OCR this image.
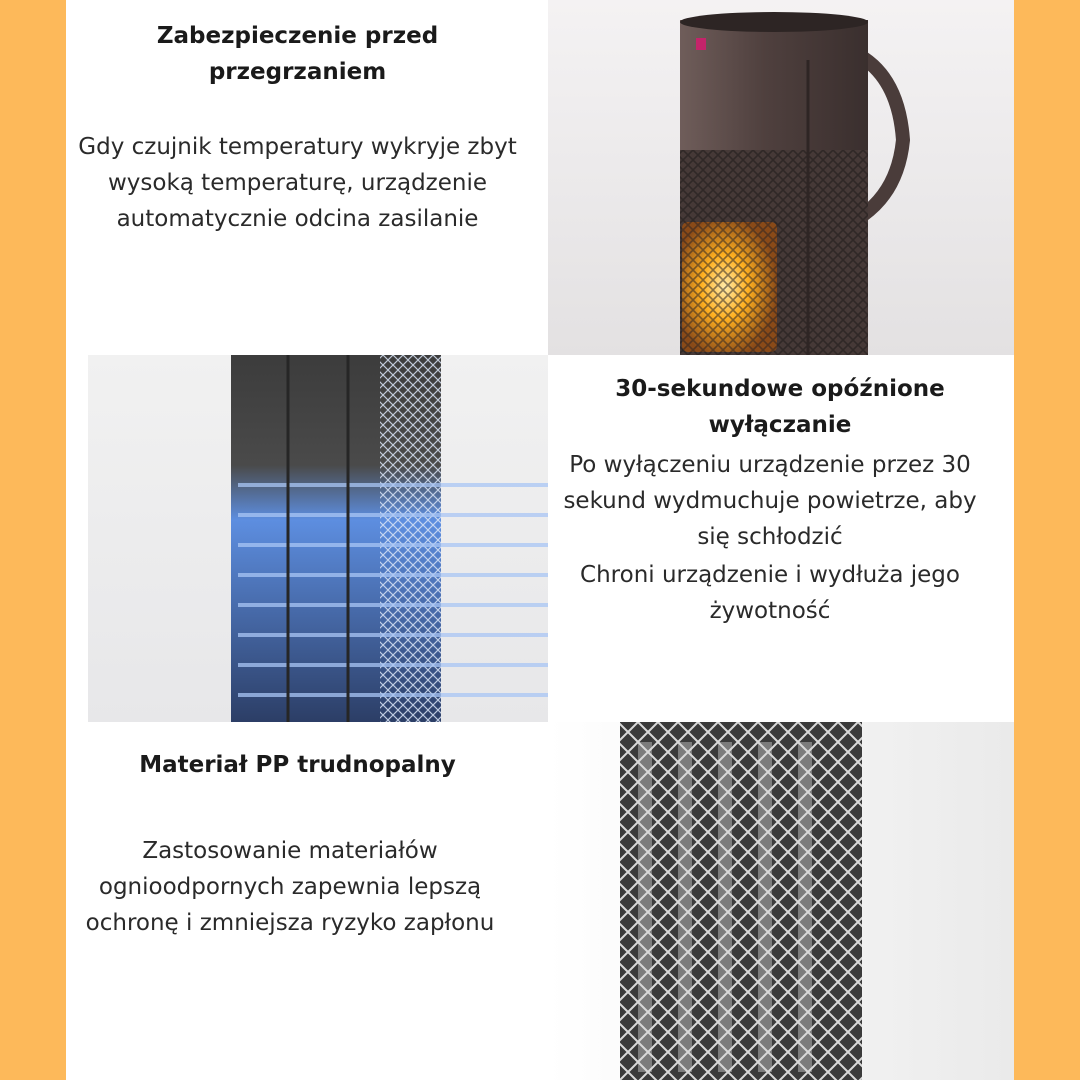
Zabezpieczenie przed przegrzaniem
Gdy czujnik temperatury wykryje zbyt wysoką temperaturę, urządzenie automatycznie odcina zasilanie
30-sekundowe opóźnione wyłączanie
Po wyłączeniu urządzenie przez 30 sekund wydmuchuje powietrze, aby się schłodzić
Chroni urządzenie i wydłuża jego żywotność
Materiał PP trudnopalny
Zastosowanie materiałów ognioodpornych zapewnia lepszą ochronę i zmniejsza ryzyko zapłonu
